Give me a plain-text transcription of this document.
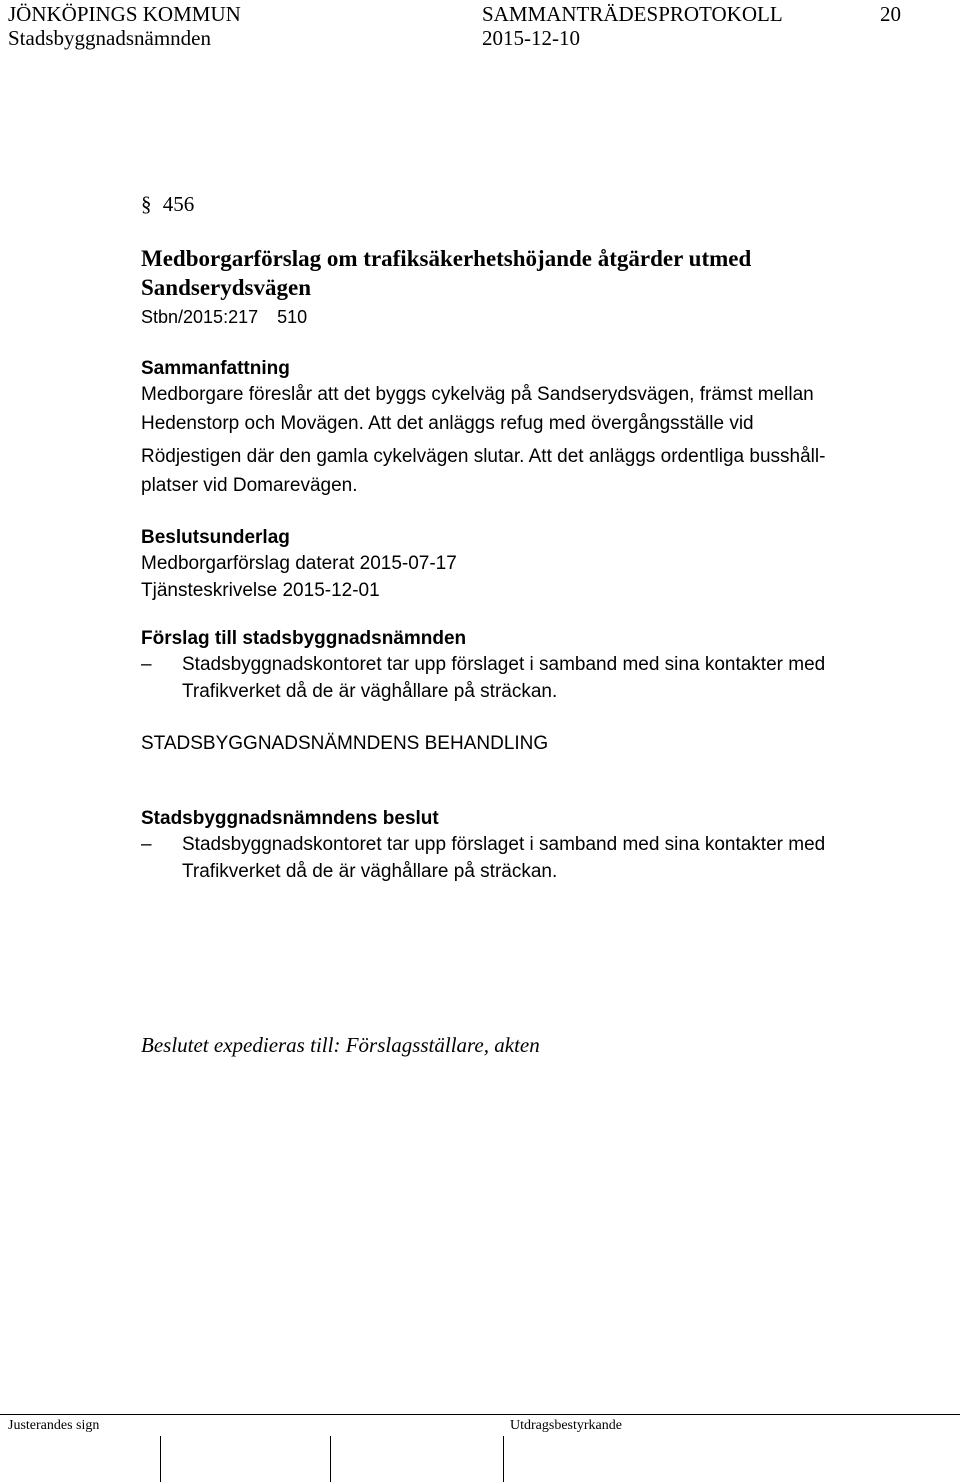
JÖNKÖPINGS KOMMUN	SAMMANTRÄDESPROTOKOLL	20
Stadsbyggnadsnämnden	2015-12-10
§ 456
Medborgarförslag om trafiksäkerhetshöjande åtgärder utmed
Sandserydsvägen
Stbn/2015:217 510
Sammanfattning
Medborgare föreslår att det byggs cykelväg på Sandserydsvägen, främst mellan
Hedenstorp och Movägen. Att det anläggs refug med övergångsställe vid
Rödjestigen där den gamla cykelvägen slutar. Att det anläggs ordentliga busshåll-
platser vid Domarevägen.
Beslutsunderlag
Medborgarförslag daterat 2015-07-17
Tjänsteskrivelse 2015-12-01
Förslag till stadsbyggnadsnämnden
– Stadsbyggnadskontoret tar upp förslaget i samband med sina kontakter med
Trafikverket då de är väghållare på sträckan.
STADSBYGGNADSNÄMNDENS BEHANDLING
Stadsbyggnadsnämndens beslut
– Stadsbyggnadskontoret tar upp förslaget i samband med sina kontakter med
Trafikverket då de är väghållare på sträckan.
Beslutet expedieras till: Förslagsställare, akten
Justerandes sign	Utdragsbestyrkande
